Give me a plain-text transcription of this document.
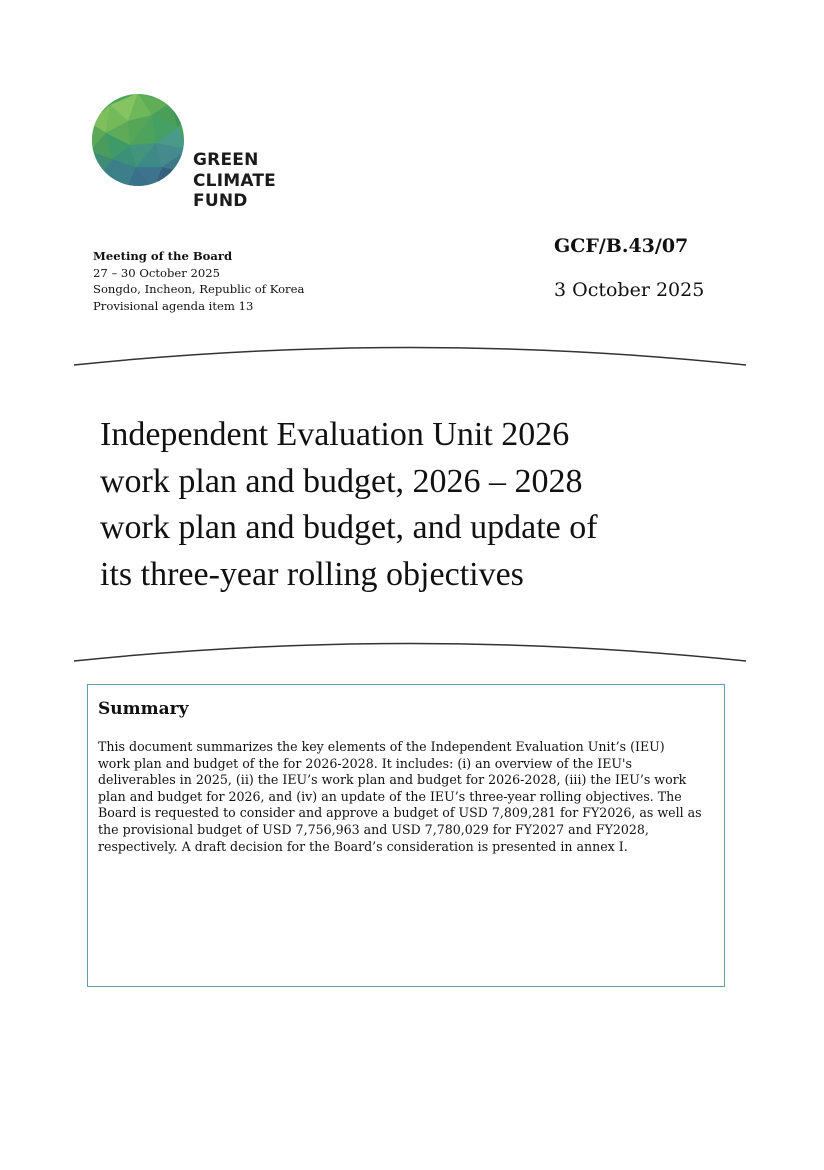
GREEN
CLIMATE
FUND
Meeting of the Board
27 – 30 October 2025
Songdo, Incheon, Republic of Korea
Provisional agenda item 13
GCF/B.43/07
3 October 2025
Independent Evaluation Unit 2026
work plan and budget, 2026 – 2028
work plan and budget, and update of
its three-year rolling objectives
Summary
This document summarizes the key elements of the Independent Evaluation Unit’s (IEU)
work plan and budget of the for 2026-2028. It includes: (i) an overview of the IEU's
deliverables in 2025, (ii) the IEU’s work plan and budget for 2026-2028, (iii) the IEU’s work
plan and budget for 2026, and (iv) an update of the IEU’s three-year rolling objectives. The
Board is requested to consider and approve a budget of USD 7,809,281 for FY2026, as well as
the provisional budget of USD 7,756,963 and USD 7,780,029 for FY2027 and FY2028,
respectively. A draft decision for the Board’s consideration is presented in annex I.
